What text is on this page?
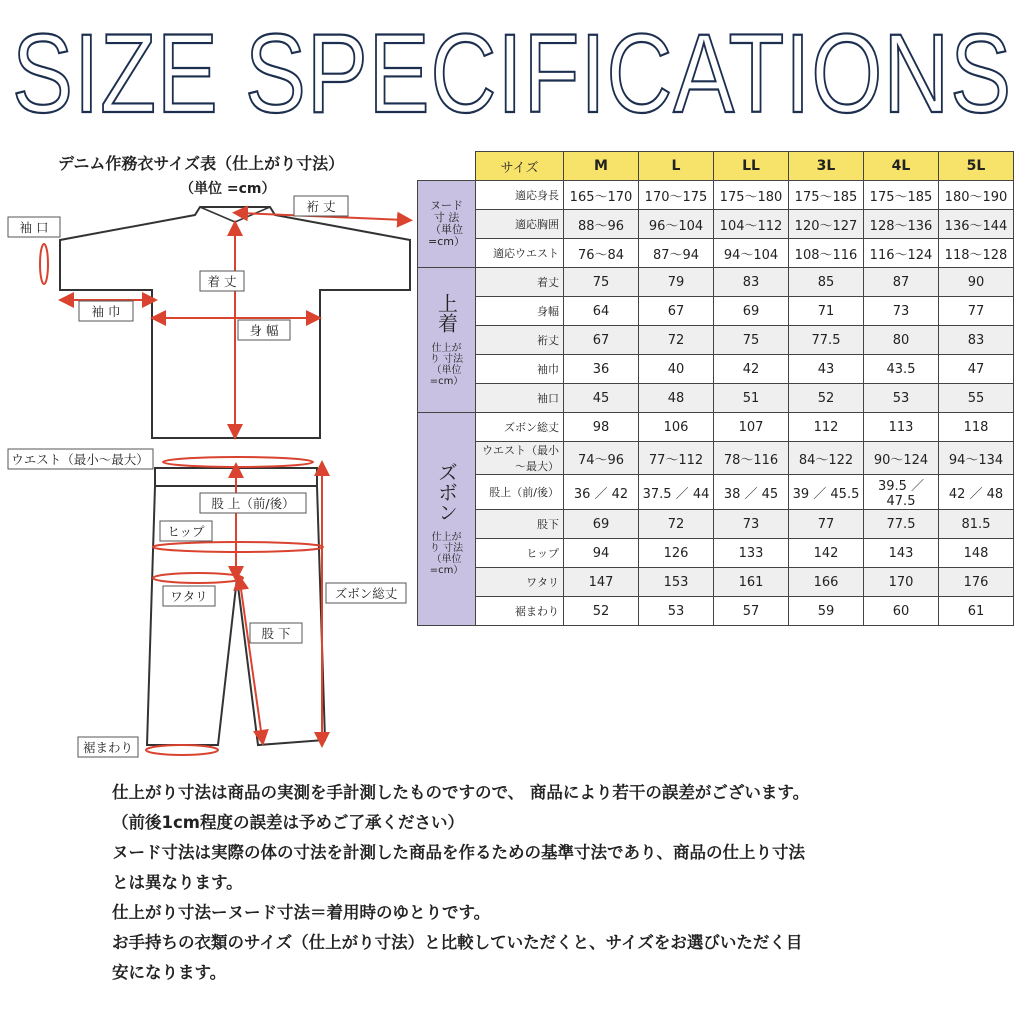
SIZE SPECIFICATIONS
デニム作務衣サイズ表（仕上がり寸法）
（単位 =cm）
袖 口
裄 丈
着 丈
袖 巾
身 幅
ウエスト（最小～最大）
股 上（前/後）
ヒップ
ワタリ	ズボン総丈
股 下
裾まわり
	サイズ	M	L	LL	3L	4L	5L

ヌード
寸 法
（単位
=cm）	適応身長	165～170	170～175	175～180	175～185	175～185	180～190
	適応胸囲	88～96	96～104	104～112	120～127	128～136	136～144
	適応ウエスト	76～84	87～94	94～104	108～116	116～124	118～128
上着
仕上が
り 寸法
（単位
=cm）	着丈	75	79	83	85	87	90
	身幅	64	67	69	71	73	77
	裄丈	67	72	75	77.5	80	83
	袖巾	36	40	42	43	43.5	47
	袖口	45	48	51	52	53	55
ズボン
仕上が
り 寸法
（単位
=cm）	ズボン総丈	98	106	107	112	113	118
	ウエスト（最小～最大）	74～96	77～112	78～116	84～122	90～124	94～134
	股上（前/後）	36 ／ 42	37.5 ／ 44	38 ／ 45	39 ／ 45.5	39.5 ／ 47.5	42 ／ 48
	股下	69	72	73	77	77.5	81.5
	ヒップ	94	126	133	142	143	148
	ワタリ	147	153	161	166	170	176
	裾まわり	52	53	57	59	60	61

仕上がり寸法は商品の実測を手計測したものですので、 商品により若干の誤差がございます。

（前後1cm程度の誤差は予めご了承ください）

ヌード寸法は実際の体の寸法を計測した商品を作るための基準寸法であり、商品の仕上り寸法

とは異なります。

仕上がり寸法ーヌード寸法＝着用時のゆとりです。

お手持ちの衣類のサイズ（仕上がり寸法）と比較していただくと、サイズをお選びいただく目

安になります。
